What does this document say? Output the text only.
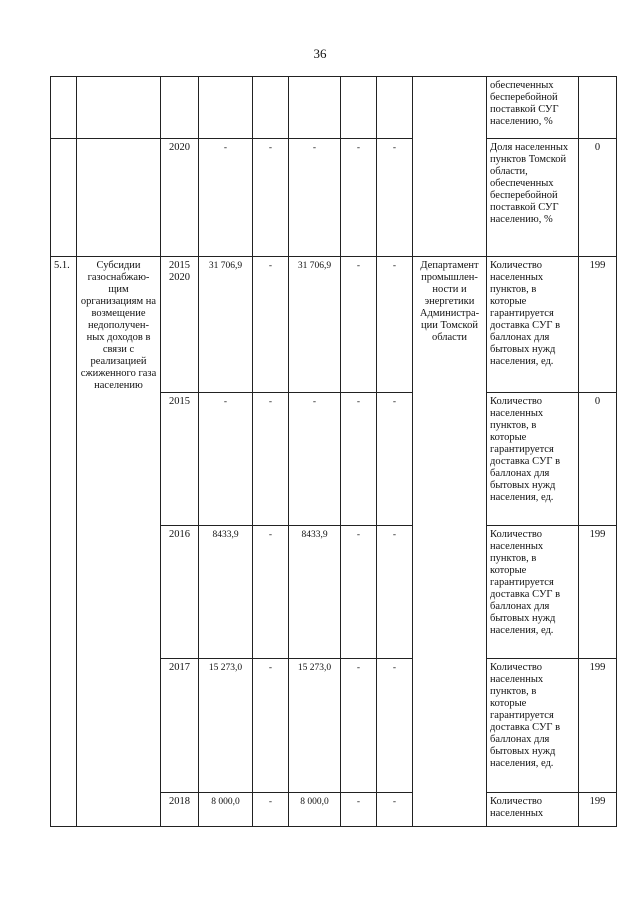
36
									обеспеченных бесперебойной поставкой СУГ населению, %	
		2020	-	-	-	-	-		Доля населенных пунктов Томской области, обеспеченных бесперебойной поставкой СУГ населению, %	0
5.1.	Субсидии газоснабжаю-щим организациям на возмещение недополучен-ных доходов в связи с реализацией сжиженного газа населению	2015 2020	31 706,9	-	31 706,9	-	-	Департамент промышлен-ности и энергетики Администра-ции Томской области	Количество населенных пунктов, в которые гарантируется доставка СУГ в баллонах для бытовых нужд населения, ед.	199
		2015	-	-	-	-	-		Количество населенных пунктов, в которые гарантируется доставка СУГ в баллонах для бытовых нужд населения, ед.	0
		2016	8433,9	-	8433,9	-	-		Количество населенных пунктов, в которые гарантируется доставка СУГ в баллонах для бытовых нужд населения, ед.	199
		2017	15 273,0	-	15 273,0	-	-		Количество населенных пунктов, в которые гарантируется доставка СУГ в баллонах для бытовых нужд населения, ед.	199
		2018	8 000,0	-	8 000,0	-	-		Количество населенных	199
